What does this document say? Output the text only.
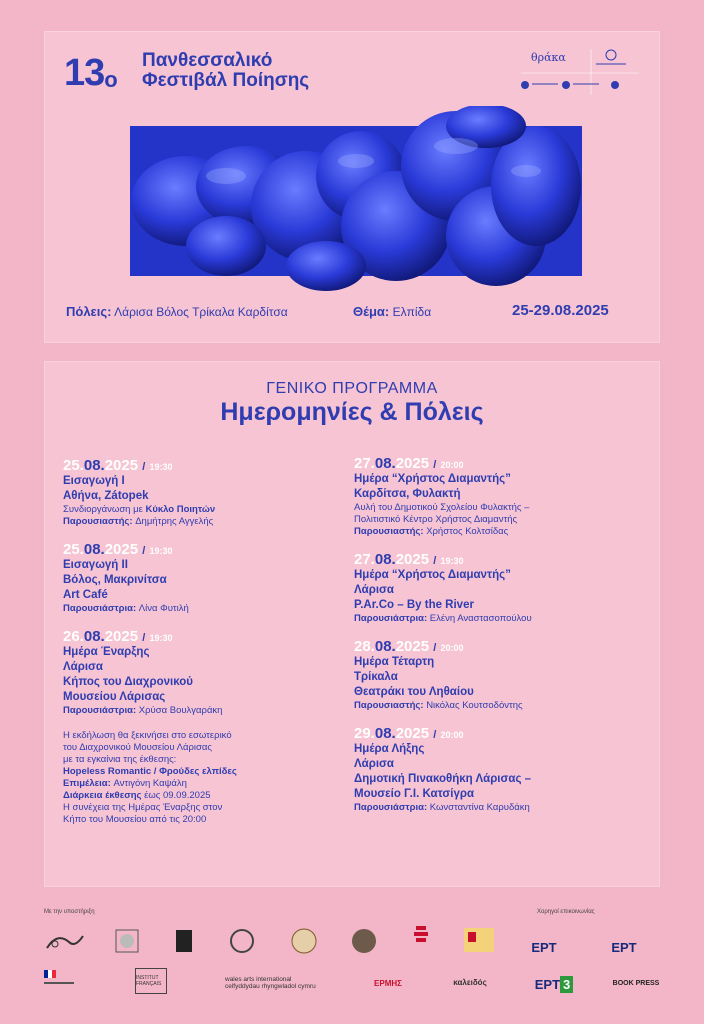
$13_o$
Πανθεσσαλικό
Φεστιβάλ Ποίησης
θράκα
Πόλεις: Λάρισα Βόλος Τρίκαλα Καρδίτσα	Θέμα: Ελπίδα	25-29.08.2025
ΓΕΝΙΚΟ ΠΡΟΓΡΑΜΜΑ
Ημερομηνίες & Πόλεις
25.08.2025 / 19:30
Εισαγωγή Ι
Αθήνα, Zátopek
Συνδιοργάνωση με Κύκλο Ποιητών
Παρουσιαστής: Δημήτρης Αγγελής
25.08.2025 / 19:30
Εισαγωγή ΙΙ
Βόλος, Μακρινίτσα
Art Café
Παρουσιάστρια: Λίνα Φυτιλή
26.08.2025 / 19:30
Ημέρα Έναρξης
Λάρισα
Κήπος του Διαχρονικού
Μουσείου Λάρισας
Παρουσιάστρια: Χρύσα Βουλγαράκη
Η εκδήλωση θα ξεκινήσει στο εσωτερικό
του Διαχρονικού Μουσείου Λάρισας
με τα εγκαίνια της έκθεσης:
Hopeless Romantic / Φρούδες ελπίδες
Επιμέλεια: Αντιγόνη Καψάλη
Διάρκεια έκθεσης έως 09.09.2025
Η συνέχεια της Ημέρας Έναρξης στον
Κήπο του Μουσείου από τις 20:00
27.08.2025 / 20:00
Ημέρα “Χρήστος Διαμαντής”
Καρδίτσα, Φυλακτή
Αυλή του Δημοτικού Σχολείου Φυλακτής –
Πολιτιστικό Κέντρο Χρήστος Διαμαντής
Παρουσιαστής: Χρήστος Κολτσίδας
27.08.2025 / 19:30
Ημέρα “Χρήστος Διαμαντής”
Λάρισα
P.Ar.Co – By the River
Παρουσιάστρια: Ελένη Αναστασοπούλου
28.08.2025 / 20:00
Ημέρα Τέταρτη
Τρίκαλα
Θεατράκι του Ληθαίου
Παρουσιαστής: Νικόλας Κουτσοδόντης
29.08.2025 / 20:00
Ημέρα Λήξης
Λάρισα
Δημοτική Πινακοθήκη Λάρισας –
Μουσείο Γ.Ι. Κατσίγρα
Παρουσιάστρια: Κωνσταντίνα Καρυδάκη
Με την υποστήριξη	Χορηγοί επικοινωνίας
ΕΡΤ	ΕΡΤ
INSTITUT FRANÇAIS
wales arts international
celfyddydau rhyngwladol cymru	ΕΡΜΗΣ	καλειδός	ΕΡΤ 3	BOOK PRESS
